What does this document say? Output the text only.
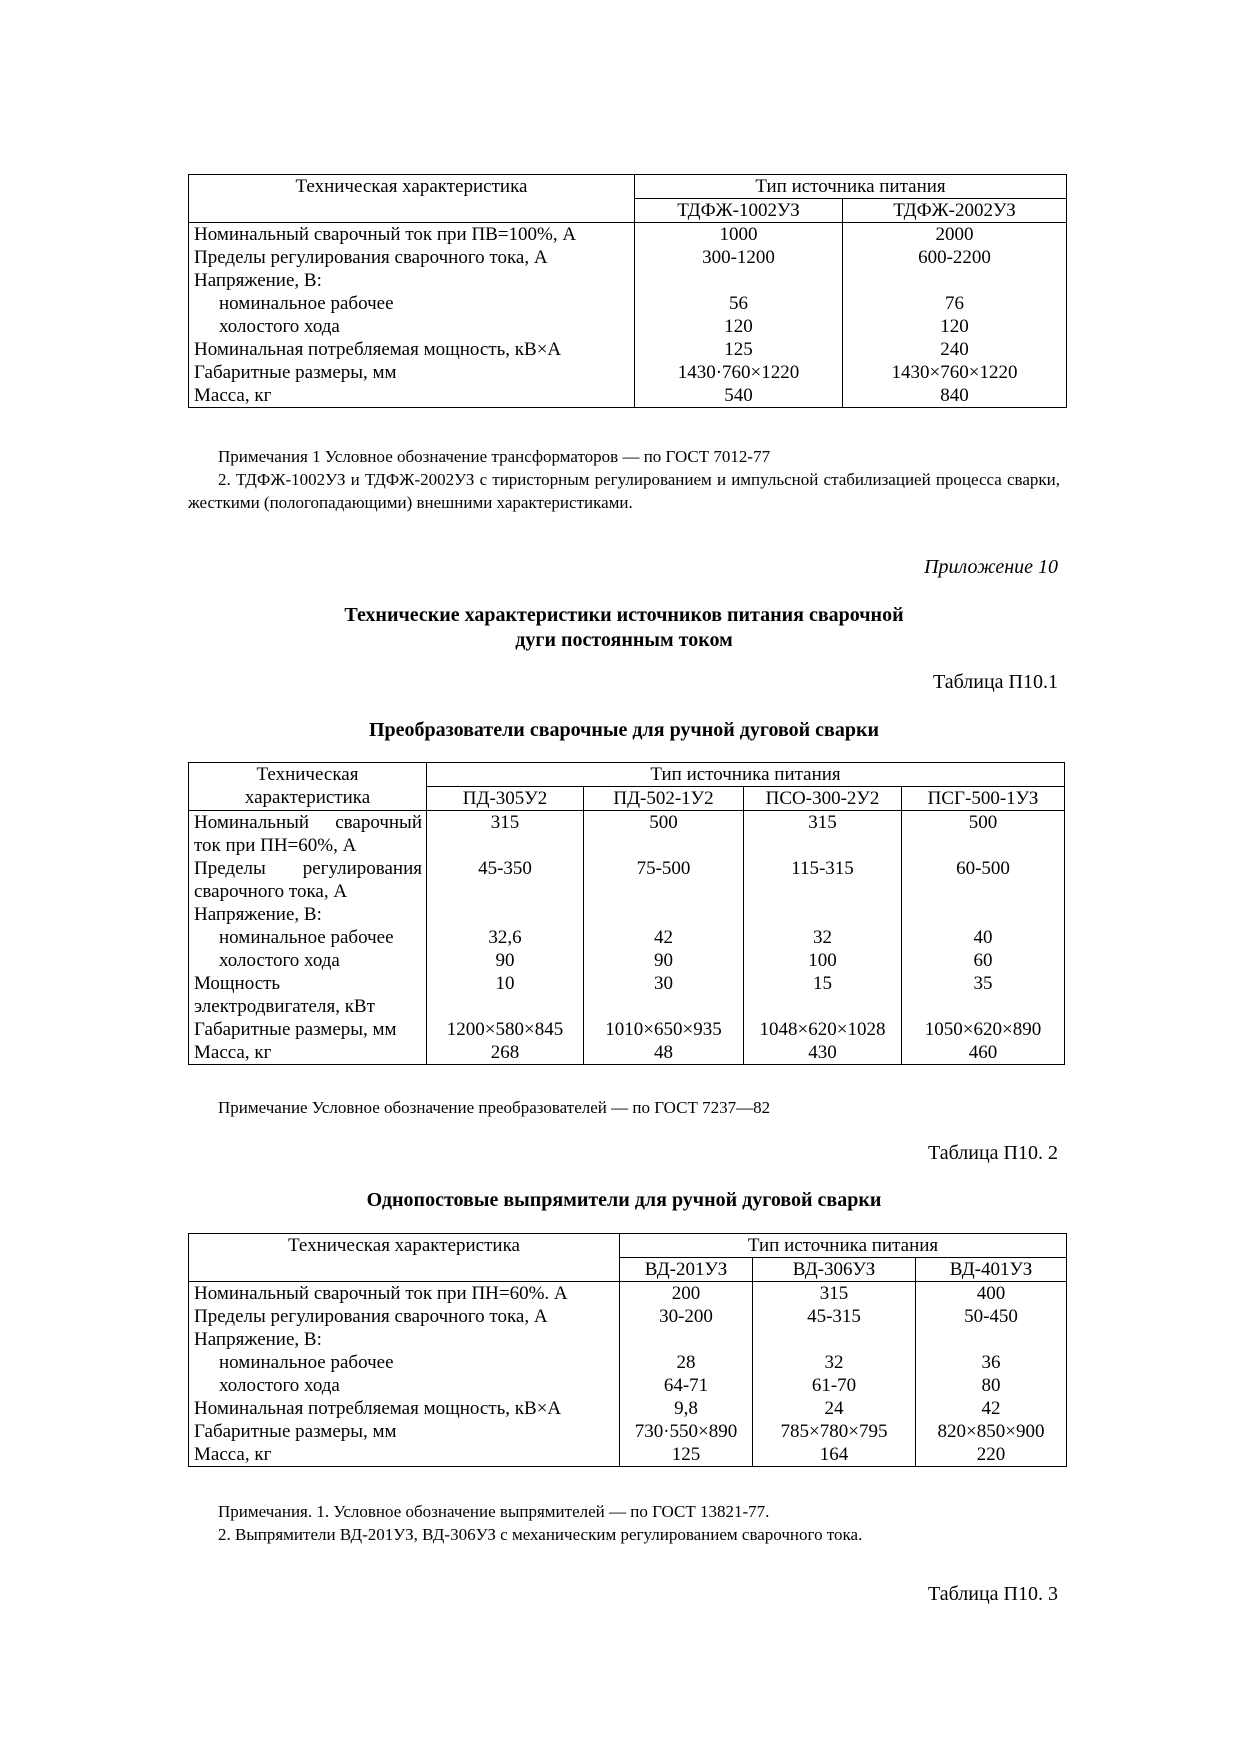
Техническая характеристика	Тип источника питания	
	ТДФЖ-1002УЗ	ТДФЖ-2002УЗ
Номинальный сварочный ток при ПВ=100%, А	1000	2000
Пределы регулирования сварочного тока, А	300-1200	600-2200
Напряжение, В:		
номинальное рабочее	56	76
холостого хода	120	120
Номинальная потребляемая мощность, кВ×А	125	240
Габаритные размеры, мм	1430·760×1220	1430×760×1220
Масса, кг	540	840
Примечания 1 Условное обозначение трансформаторов — по ГОСТ 7012-77
2. ТДФЖ-1002УЗ и ТДФЖ-2002УЗ с тиристорным регулированием и импульсной стабилизацией процесса сварки, жесткими (пологопадающими) внешними характеристиками.
Приложение 10
Технические характеристики источников питания сварочной
дуги постоянным током
Таблица П10.1
Преобразователи сварочные для ручной дуговой сварки
Техническая
характеристика	Тип источника питания			
	ПД-305У2	ПД-502-1У2	ПСО-300-2У2	ПСГ-500-1УЗ
Номинальный сварочный ток при ПН=60%, А	315	500	315	500
Пределы регулирования сварочного тока, А	45-350	75-500	115-315	60-500
Напряжение, В:				
номинальное рабочее	32,6	42	32	40
холостого хода	90	90	100	60
Мощность электродвигателя, кВт	10	30	15	35
Габаритные размеры, мм	1200×580×845	1010×650×935	1048×620×1028	1050×620×890
Масса, кг	268	48	430	460
Примечание Условное обозначение преобразователей — по ГОСТ 7237—82
Таблица П10. 2
Однопостовые выпрямители для ручной дуговой сварки
Техническая характеристика	Тип источника питания		
	ВД-201УЗ	ВД-306УЗ	ВД-401УЗ
Номинальный сварочный ток при ПН=60%. А	200	315	400
Пределы регулирования сварочного тока, А	30-200	45-315	50-450
Напряжение, В:			
номинальное рабочее	28	32	36
холостого хода	64-71	61-70	80
Номинальная потребляемая мощность, кВ×А	9,8	24	42
Габаритные размеры, мм	730·550×890	785×780×795	820×850×900
Масса, кг	125	164	220
Примечания. 1. Условное обозначение выпрямителей — по ГОСТ 13821-77.
2. Выпрямители ВД-201УЗ, ВД-306УЗ с механическим регулированием сварочного тока.
Таблица П10. 3
